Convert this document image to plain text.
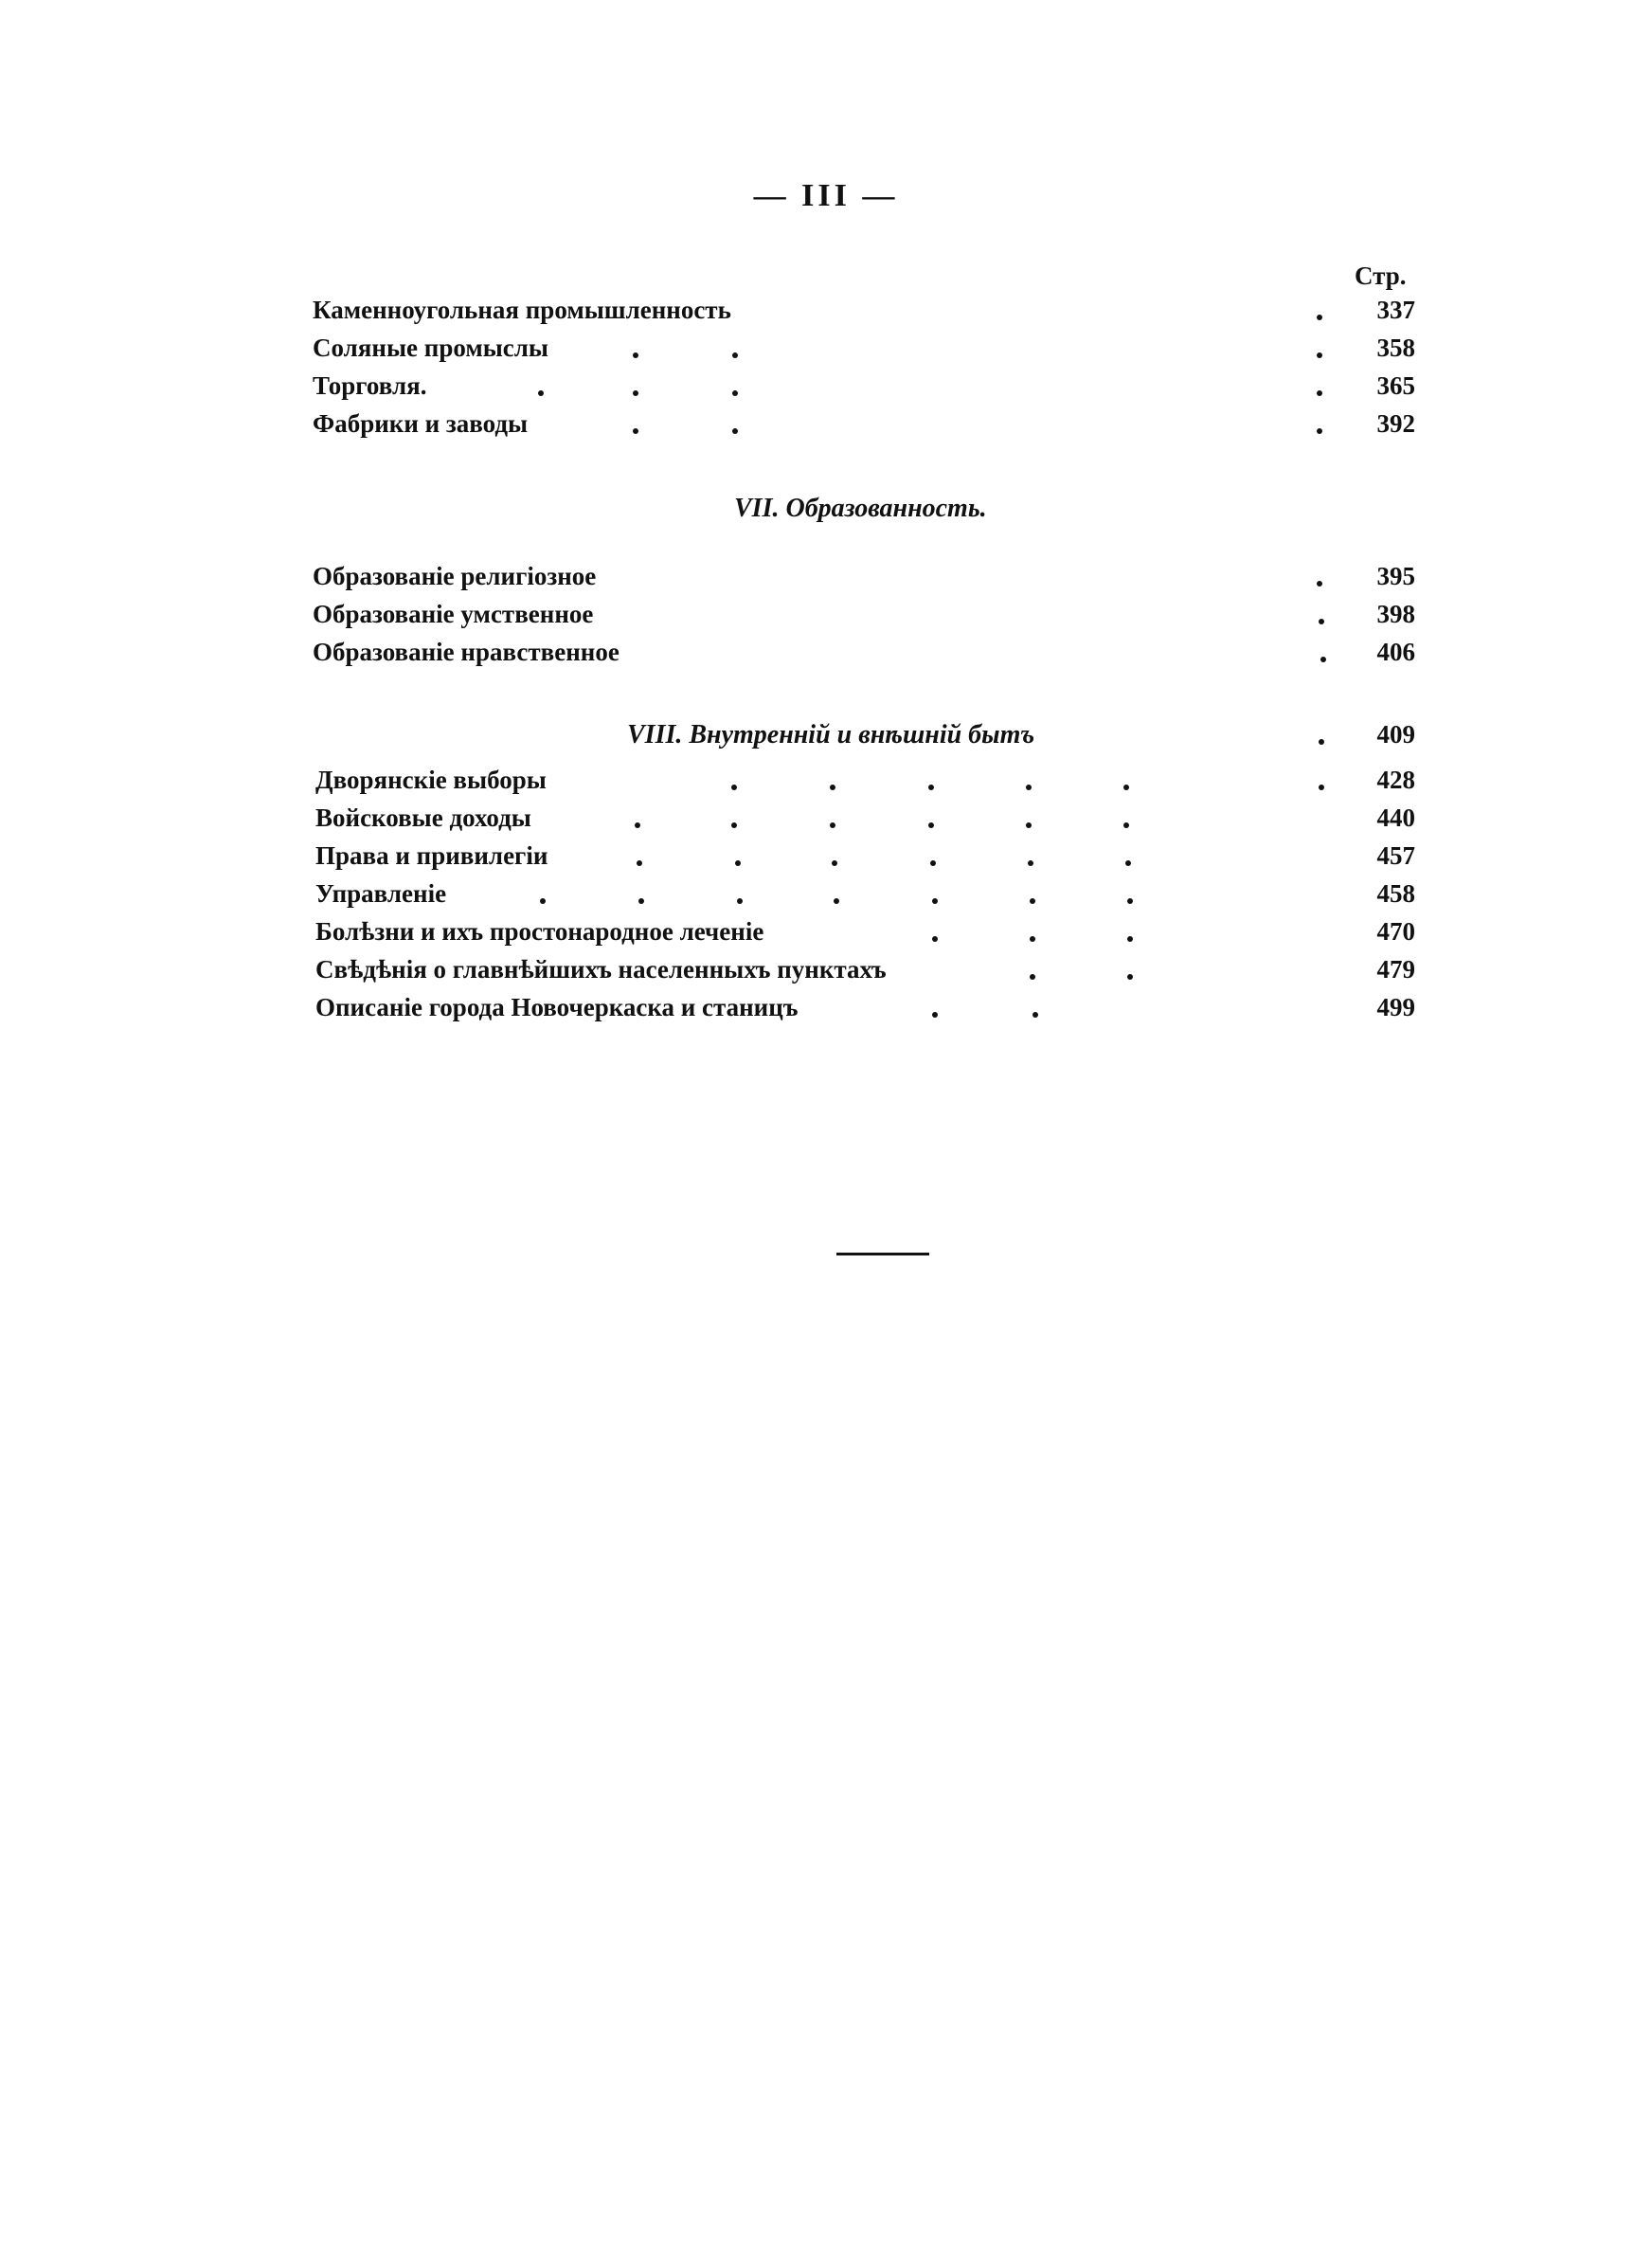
— III —
Стр.
Каменноугольная промышленность	337
Соляные промыслы	358
Торговля.	365
Фабрики и заводы	392
VII. Образованность.
Образованіе религіозное	395
Образованіе умственное	398
Образованіе нравственное	406
VIII. Внутренній и внѣшній бытъ	409
Дворянскіе выборы	428
Войсковые доходы	440
Права и привилегіи	457
Управленіе	458
Болѣзни и ихъ простонародное леченіе	470
Свѣдѣнія о главнѣйшихъ населенныхъ пунктахъ	479
Описаніе города Новочеркаска и станицъ	499
